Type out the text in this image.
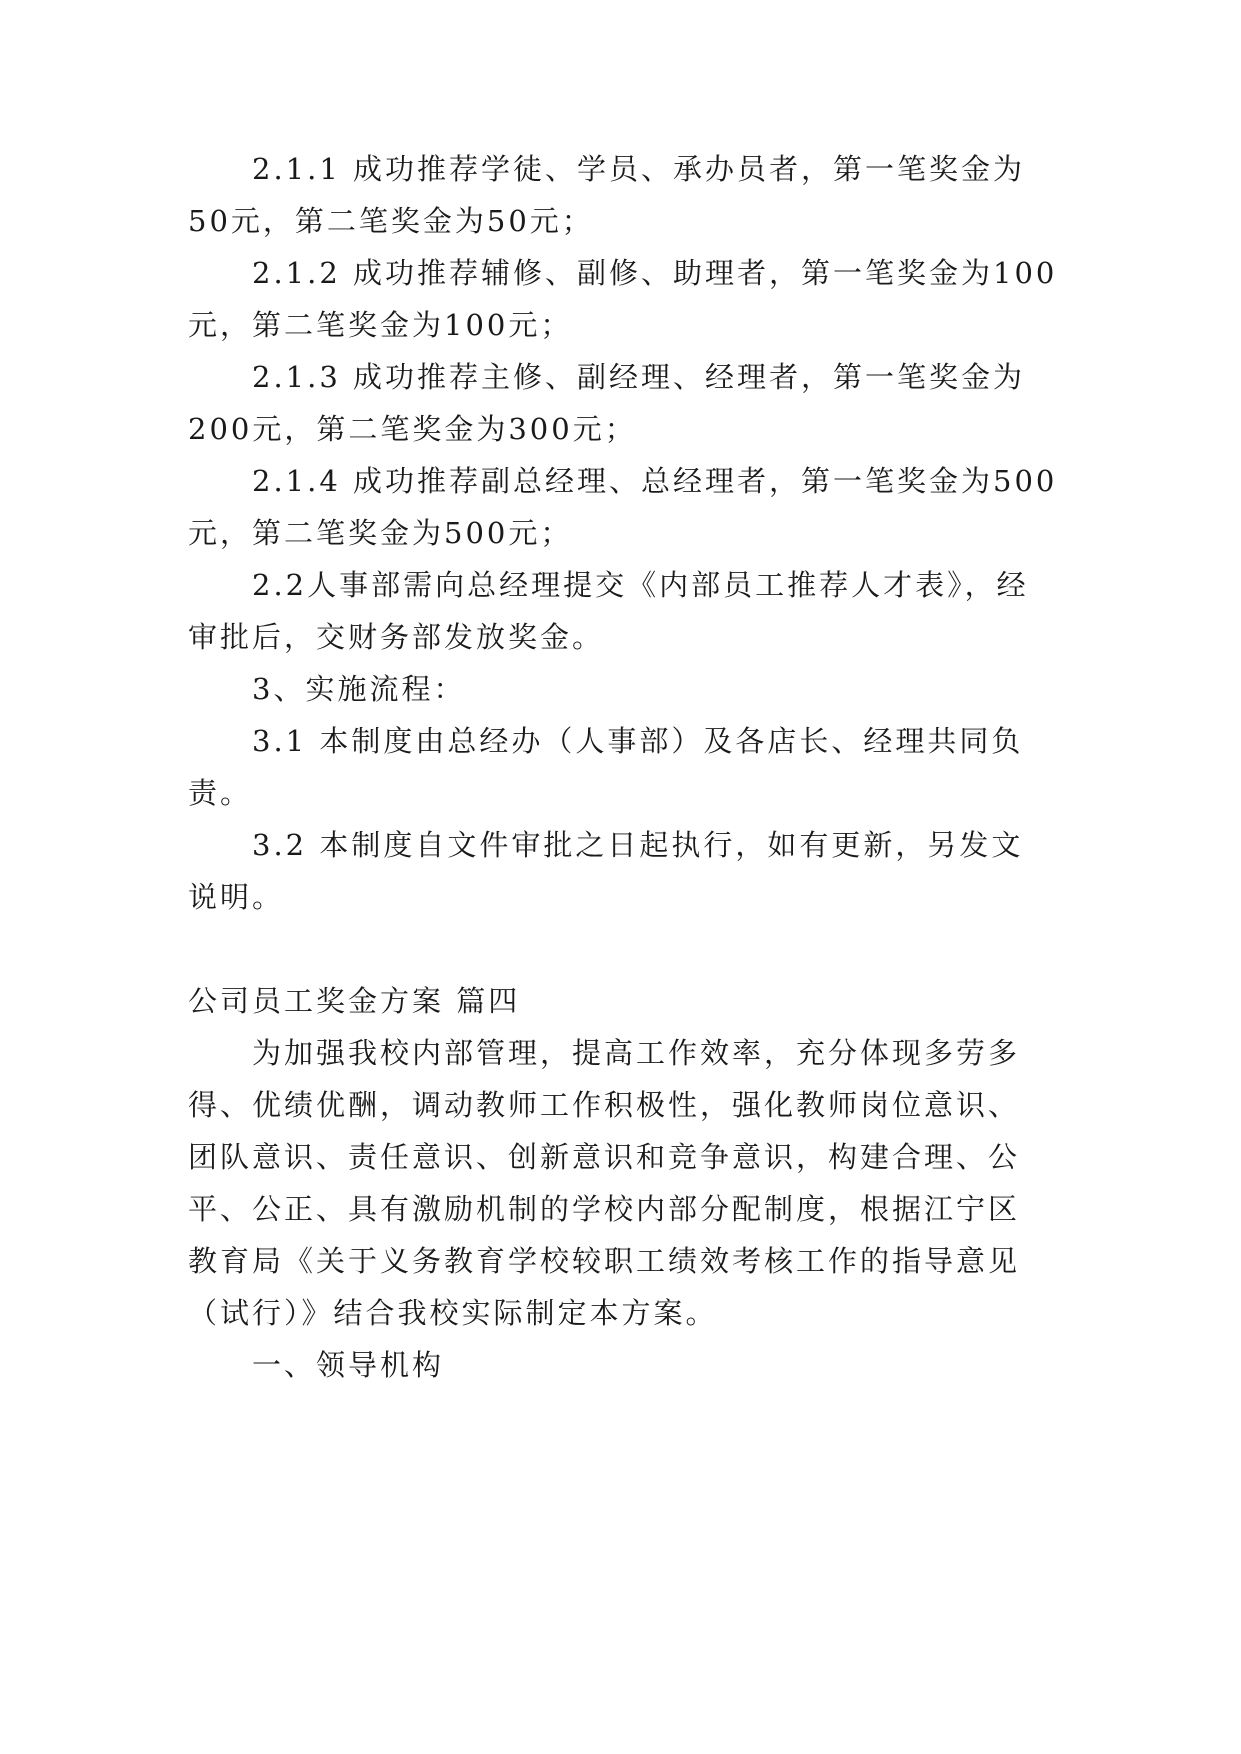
2.1.1 成功推荐学徒、学员、承办员者，第一笔奖金为
50元，第二笔奖金为50元；
2.1.2 成功推荐辅修、副修、助理者，第一笔奖金为100
元，第二笔奖金为100元；
2.1.3 成功推荐主修、副经理、经理者，第一笔奖金为
200元，第二笔奖金为300元；
2.1.4 成功推荐副总经理、总经理者，第一笔奖金为500
元，第二笔奖金为500元；
2.2人事部需向总经理提交《内部员工推荐人才表》，经
审批后，交财务部发放奖金。
3、实施流程：
3.1 本制度由总经办（人事部）及各店长、经理共同负
责。
3.2 本制度自文件审批之日起执行，如有更新，另发文
说明。
公司员工奖金方案 篇四
为加强我校内部管理，提高工作效率，充分体现多劳多
得、优绩优酬，调动教师工作积极性，强化教师岗位意识、
团队意识、责任意识、创新意识和竞争意识，构建合理、公
平、公正、具有激励机制的学校内部分配制度，根据江宁区
教育局《关于义务教育学校较职工绩效考核工作的指导意见
（试行）》结合我校实际制定本方案。
一、领导机构
